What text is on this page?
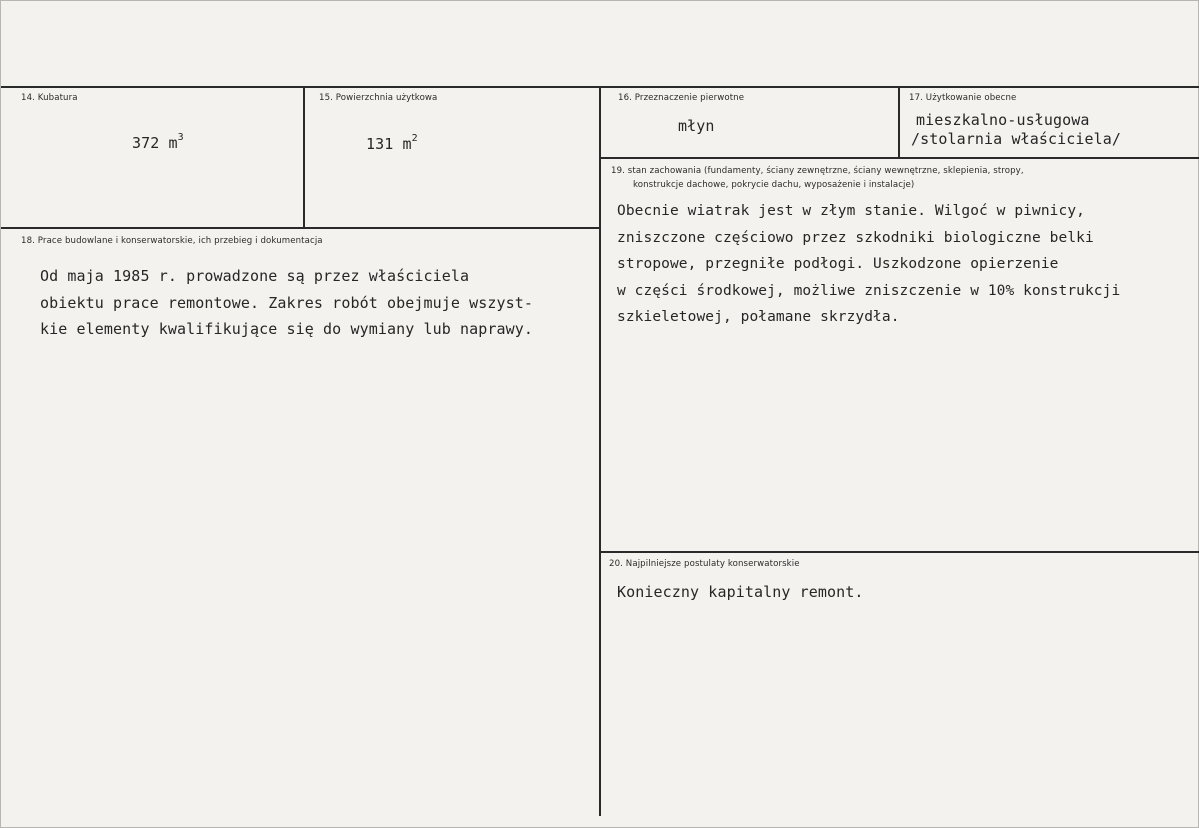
14. Kubatura
372 $m^3$
15. Powierzchnia użytkowa
131 $m^2$
16. Przeznaczenie pierwotne
młyn
17. Użytkowanie obecne
mieszkalno-usługowa
/stolarnia właściciela/
18. Prace budowlane i konserwatorskie, ich przebieg i dokumentacja
Od maja 1985 r. prowadzone są przez właściciela
obiektu prace remontowe. Zakres robót obejmuje wszyst-
kie elementy kwalifikujące się do wymiany lub naprawy.
19. stan zachowania (fundamenty, ściany zewnętrzne, ściany wewnętrzne, sklepienia, stropy,
konstrukcje dachowe, pokrycie dachu, wyposażenie i instalacje)
Obecnie wiatrak jest w złym stanie. Wilgoć w piwnicy,
zniszczone częściowo przez szkodniki biologiczne belki
stropowe, przegniłe podłogi. Uszkodzone opierzenie
w części środkowej, możliwe zniszczenie w 10% konstrukcji
szkieletowej, połamane skrzydła.
20. Najpilniejsze postulaty konserwatorskie
Konieczny kapitalny remont.
